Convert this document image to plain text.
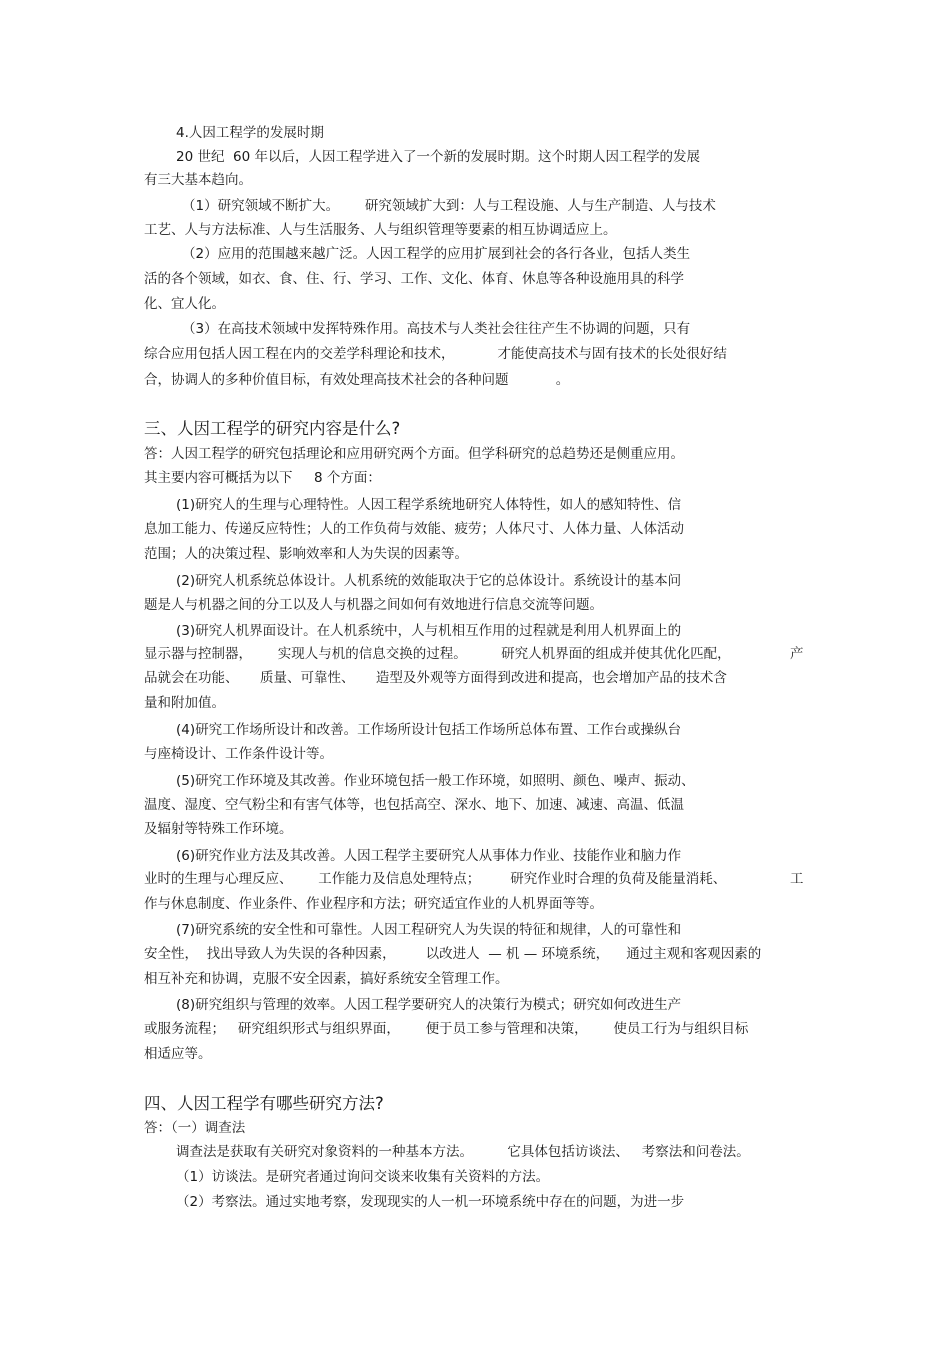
4.人因工程学的发展时期
20 世纪  60 年以后，人因工程学进入了一个新的发展时期。这个时期人因工程学的发展
有三大基本趋向。
（1）研究领域不断扩大。      研究领域扩大到：人与工程设施、人与生产制造、人与技术
工艺、人与方法标准、人与生活服务、人与组织管理等要素的相互协调适应上。
（2）应用的范围越来越广泛。人因工程学的应用扩展到社会的各行各业，包括人类生
活的各个领域，如衣、食、住、行、学习、工作、文化、体育、休息等各种设施用具的科学
化、宜人化。
（3）在高技术领域中发挥特殊作用。高技术与人类社会往往产生不协调的问题，只有
综合应用包括人因工程在内的交差学科理论和技术，          才能使高技术与固有技术的长处很好结
合，协调人的多种价值目标，有效处理高技术社会的各种问题           。
三、人因工程学的研究内容是什么?
答：人因工程学的研究包括理论和应用研究两个方面。但学科研究的总趋势还是侧重应用。
其主要内容可概括为以下     8 个方面：
(1)研究人的生理与心理特性。人因工程学系统地研究人体特性，如人的感知特性、信
息加工能力、传递反应特性；人的工作负荷与效能、疲劳；人体尺寸、人体力量、人体活动
范围；人的决策过程、影响效率和人为失误的因素等。
(2)研究人机系统总体设计。人机系统的效能取决于它的总体设计。系统设计的基本问
题是人与机器之间的分工以及人与机器之间如何有效地进行信息交流等问题。
(3)研究人机界面设计。在人机系统中，人与机相互作用的过程就是利用人机界面上的
显示器与控制器，      实现人与机的信息交换的过程。        研究人机界面的组成并使其优化匹配，	产
品就会在功能、     质量、可靠性、     造型及外观等方面得到改进和提高，也会增加产品的技术含
量和附加值。
(4)研究工作场所设计和改善。工作场所设计包括工作场所总体布置、工作台或操纵台
与座椅设计、工作条件设计等。
(5)研究工作环境及其改善。作业环境包括一般工作环境，如照明、颜色、噪声、振动、
温度、湿度、空气粉尘和有害气体等，也包括高空、深水、地下、加速、减速、高温、低温
及辐射等特殊工作环境。
(6)研究作业方法及其改善。人因工程学主要研究人从事体力作业、技能作业和脑力作
业时的生理与心理反应、      工作能力及信息处理特点；       研究作业时合理的负荷及能量消耗、	工
作与休息制度、作业条件、作业程序和方法；研究适宜作业的人机界面等等。
(7)研究系统的安全性和可靠性。人因工程研究人为失误的特征和规律，人的可靠性和
安全性，  找出导致人为失误的各种因素，       以改进人  — 机 — 环境系统，    通过主观和客观因素的
相互补充和协调，克服不安全因素，搞好系统安全管理工作。
(8)研究组织与管理的效率。人因工程学要研究人的决策行为模式；研究如何改进生产
或服务流程；   研究组织形式与组织界面，      便于员工参与管理和决策，      使员工行为与组织目标
相适应等。
四、人因工程学有哪些研究方法?
答：（一）调查法
调查法是获取有关研究对象资料的一种基本方法。        它具体包括访谈法、   考察法和问卷法。
（1）访谈法。是研究者通过询问交谈来收集有关资料的方法。
（2）考察法。通过实地考察，发现现实的人一机一环境系统中存在的问题，为进一步
